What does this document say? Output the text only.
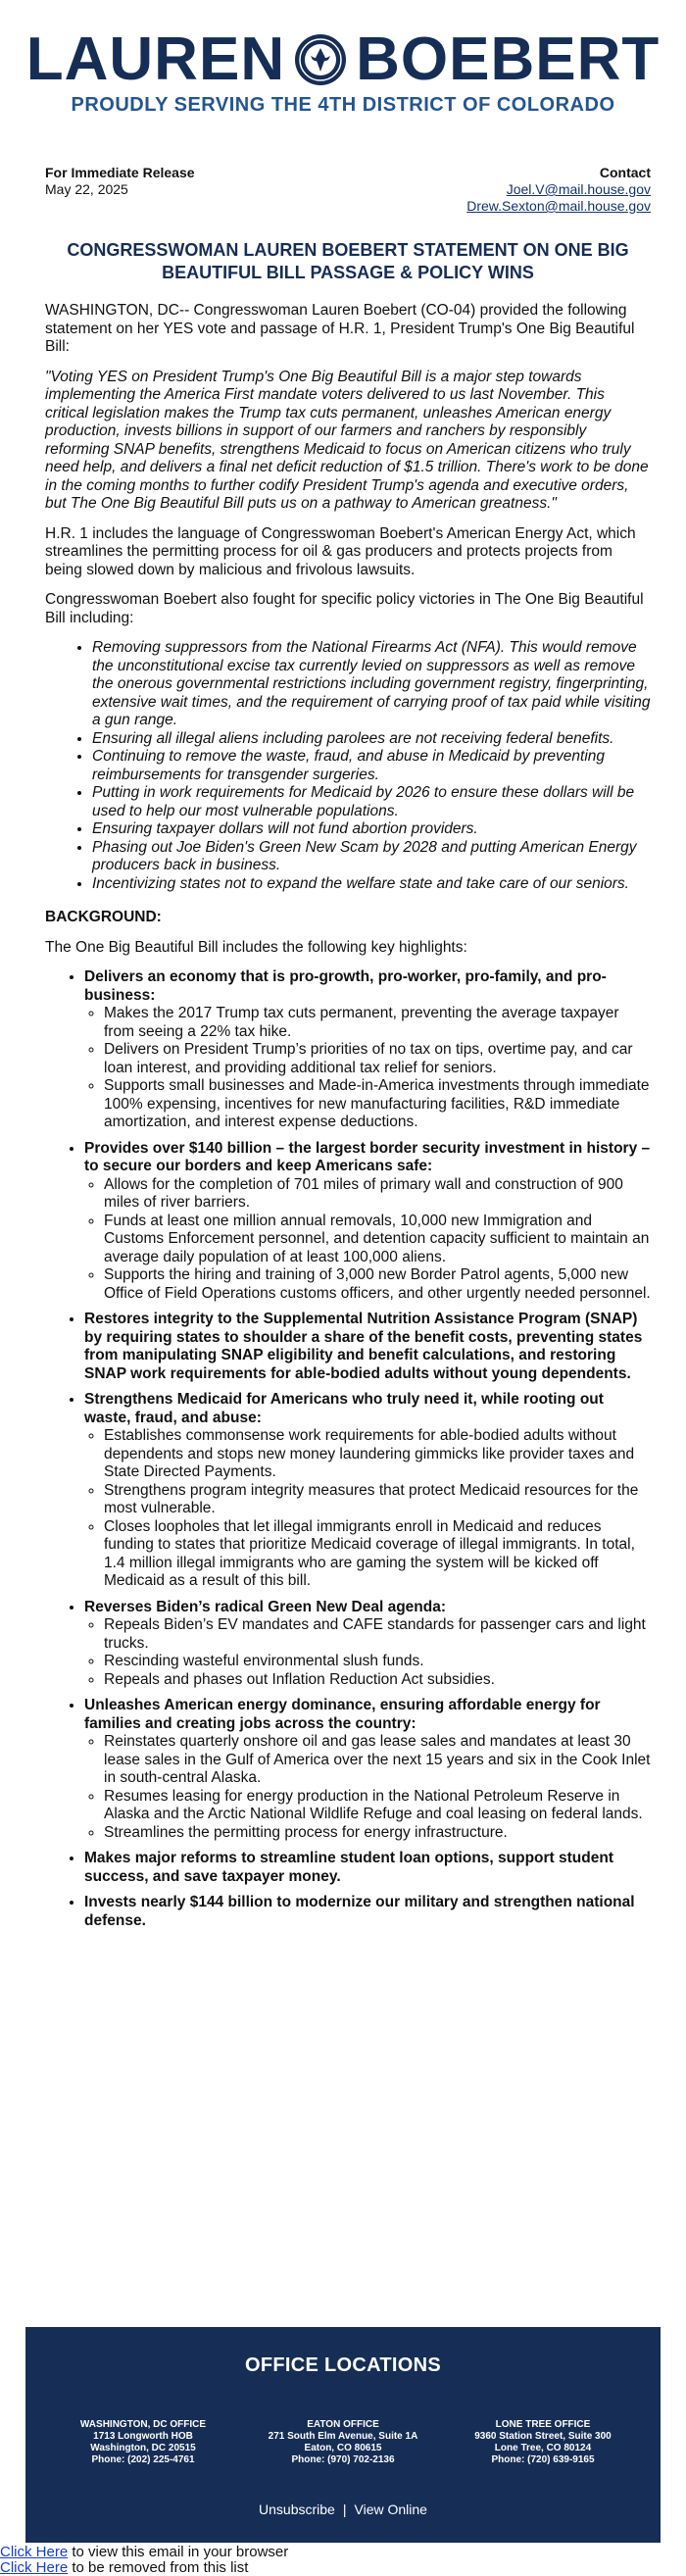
LAUREN BOEBERT
PROUDLY SERVING THE 4TH DISTRICT OF COLORADO
For Immediate Release
May 22, 2025
Contact
Joel.V@mail.house.gov
Drew.Sexton@mail.house.gov
CONGRESSWOMAN LAUREN BOEBERT STATEMENT ON ONE BIG BEAUTIFUL BILL PASSAGE & POLICY WINS

WASHINGTON, DC-- Congresswoman Lauren Boebert (CO-04) provided the following statement on her YES vote and passage of H.R. 1, President Trump's One Big Beautiful Bill:

"Voting YES on President Trump's One Big Beautiful Bill is a major step towards implementing the America First mandate voters delivered to us last November. This critical legislation makes the Trump tax cuts permanent, unleashes American energy production, invests billions in support of our farmers and ranchers by responsibly reforming SNAP benefits, strengthens Medicaid to focus on American citizens who truly need help, and delivers a final net deficit reduction of $1.5 trillion. There's work to be done in the coming months to further codify President Trump's agenda and executive orders, but The One Big Beautiful Bill puts us on a pathway to American greatness."

H.R. 1 includes the language of Congresswoman Boebert's American Energy Act, which streamlines the permitting process for oil & gas producers and protects projects from being slowed down by malicious and frivolous lawsuits.

Congresswoman Boebert also fought for specific policy victories in The One Big Beautiful Bill including:

• Removing suppressors from the National Firearms Act (NFA). This would remove the unconstitutional excise tax currently levied on suppressors as well as remove the onerous governmental restrictions including government registry, fingerprinting, extensive wait times, and the requirement of carrying proof of tax paid while visiting a gun range.
• Ensuring all illegal aliens including parolees are not receiving federal benefits.
• Continuing to remove the waste, fraud, and abuse in Medicaid by preventing reimbursements for transgender surgeries.
• Putting in work requirements for Medicaid by 2026 to ensure these dollars will be used to help our most vulnerable populations.
• Ensuring taxpayer dollars will not fund abortion providers.
• Phasing out Joe Biden's Green New Scam by 2028 and putting American Energy producers back in business.
• Incentivizing states not to expand the welfare state and take care of our seniors.
BACKGROUND:

The One Big Beautiful Bill includes the following key highlights:

• Delivers an economy that is pro-growth, pro-worker, pro-family, and pro-business:
◦ Makes the 2017 Trump tax cuts permanent, preventing the average taxpayer from seeing a 22% tax hike.
◦ Delivers on President Trump’s priorities of no tax on tips, overtime pay, and car loan interest, and providing additional tax relief for seniors.
◦ Supports small businesses and Made-in-America investments through immediate 100% expensing, incentives for new manufacturing facilities, R&D immediate amortization, and interest expense deductions.
• Provides over $140 billion – the largest border security investment in history – to secure our borders and keep Americans safe:
◦ Allows for the completion of 701 miles of primary wall and construction of 900 miles of river barriers.
◦ Funds at least one million annual removals, 10,000 new Immigration and Customs Enforcement personnel, and detention capacity sufficient to maintain an average daily population of at least 100,000 aliens.
◦ Supports the hiring and training of 3,000 new Border Patrol agents, 5,000 new Office of Field Operations customs officers, and other urgently needed personnel.
• Restores integrity to the Supplemental Nutrition Assistance Program (SNAP) by requiring states to shoulder a share of the benefit costs, preventing states from manipulating SNAP eligibility and benefit calculations, and restoring SNAP work requirements for able-bodied adults without young dependents.
• Strengthens Medicaid for Americans who truly need it, while rooting out waste, fraud, and abuse:
◦ Establishes commonsense work requirements for able-bodied adults without dependents and stops new money laundering gimmicks like provider taxes and State Directed Payments.
◦ Strengthens program integrity measures that protect Medicaid resources for the most vulnerable.
◦ Closes loopholes that let illegal immigrants enroll in Medicaid and reduces funding to states that prioritize Medicaid coverage of illegal immigrants. In total, 1.4 million illegal immigrants who are gaming the system will be kicked off Medicaid as a result of this bill.
• Reverses Biden’s radical Green New Deal agenda:
◦ Repeals Biden’s EV mandates and CAFE standards for passenger cars and light trucks.
◦ Rescinding wasteful environmental slush funds.
◦ Repeals and phases out Inflation Reduction Act subsidies.
• Unleashes American energy dominance, ensuring affordable energy for families and creating jobs across the country:
◦ Reinstates quarterly onshore oil and gas lease sales and mandates at least 30 lease sales in the Gulf of America over the next 15 years and six in the Cook Inlet in south-central Alaska.
◦ Resumes leasing for energy production in the National Petroleum Reserve in Alaska and the Arctic National Wildlife Refuge and coal leasing on federal lands.
◦ Streamlines the permitting process for energy infrastructure.
• Makes major reforms to streamline student loan options, support student success, and save taxpayer money.
• Invests nearly $144 billion to modernize our military and strengthen national defense.
OFFICE LOCATIONS
WASHINGTON, DC OFFICE
1713 Longworth HOB
Washington, DC 20515
Phone: (202) 225-4761
EATON OFFICE
271 South Elm Avenue, Suite 1A
Eaton, CO 80615
Phone: (970) 702-2136
LONE TREE OFFICE
9360 Station Street, Suite 300
Lone Tree, CO 80124
Phone: (720) 639-9165
Unsubscribe | View Online
Click Here to view this email in your browser
Click Here to be removed from this list
